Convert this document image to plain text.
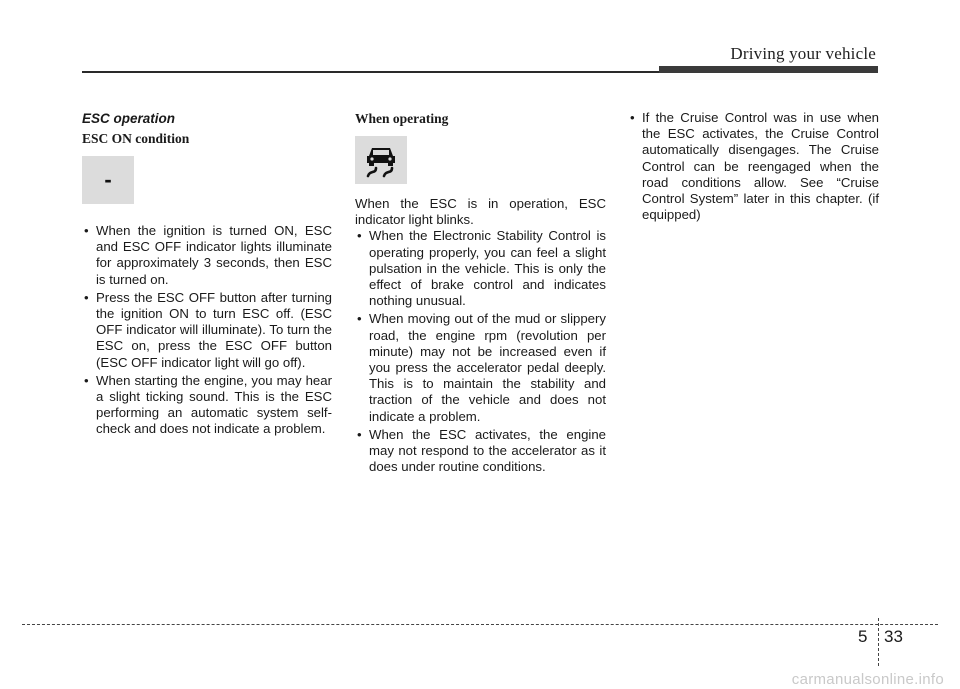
Driving your vehicle
ESC operation
ESC ON condition
-
• When the ignition is turned ON, ESC and ESC OFF indicator lights illuminate for approximately 3 seconds, then ESC is turned on.
• Press the ESC OFF button after turning the ignition ON to turn ESC off. (ESC OFF indicator will illuminate). To turn the ESC on, press the ESC OFF button (ESC OFF indicator light will go off).
• When starting the engine, you may hear a slight ticking sound. This is the ESC performing an automatic system self-check and does not indicate a problem.
When operating

When the ESC is in operation, ESC indicator light blinks.

• When the Electronic Stability Control is operating properly, you can feel a slight pulsation in the vehicle. This is only the effect of brake control and indicates nothing unusual.
• When moving out of the mud or slippery road, the engine rpm (revolution per minute) may not be increased even if you press the accelerator pedal deeply. This is to maintain the stability and traction of the vehicle and does not indicate a problem.
• When the ESC activates, the engine may not respond to the accelerator as it does under routine conditions.
• If the Cruise Control was in use when the ESC activates, the Cruise Control automatically disengages. The Cruise Control can be reengaged when the road conditions allow. See “Cruise Control System” later in this chapter. (if equipped)
5 33
carmanualsonline.info
